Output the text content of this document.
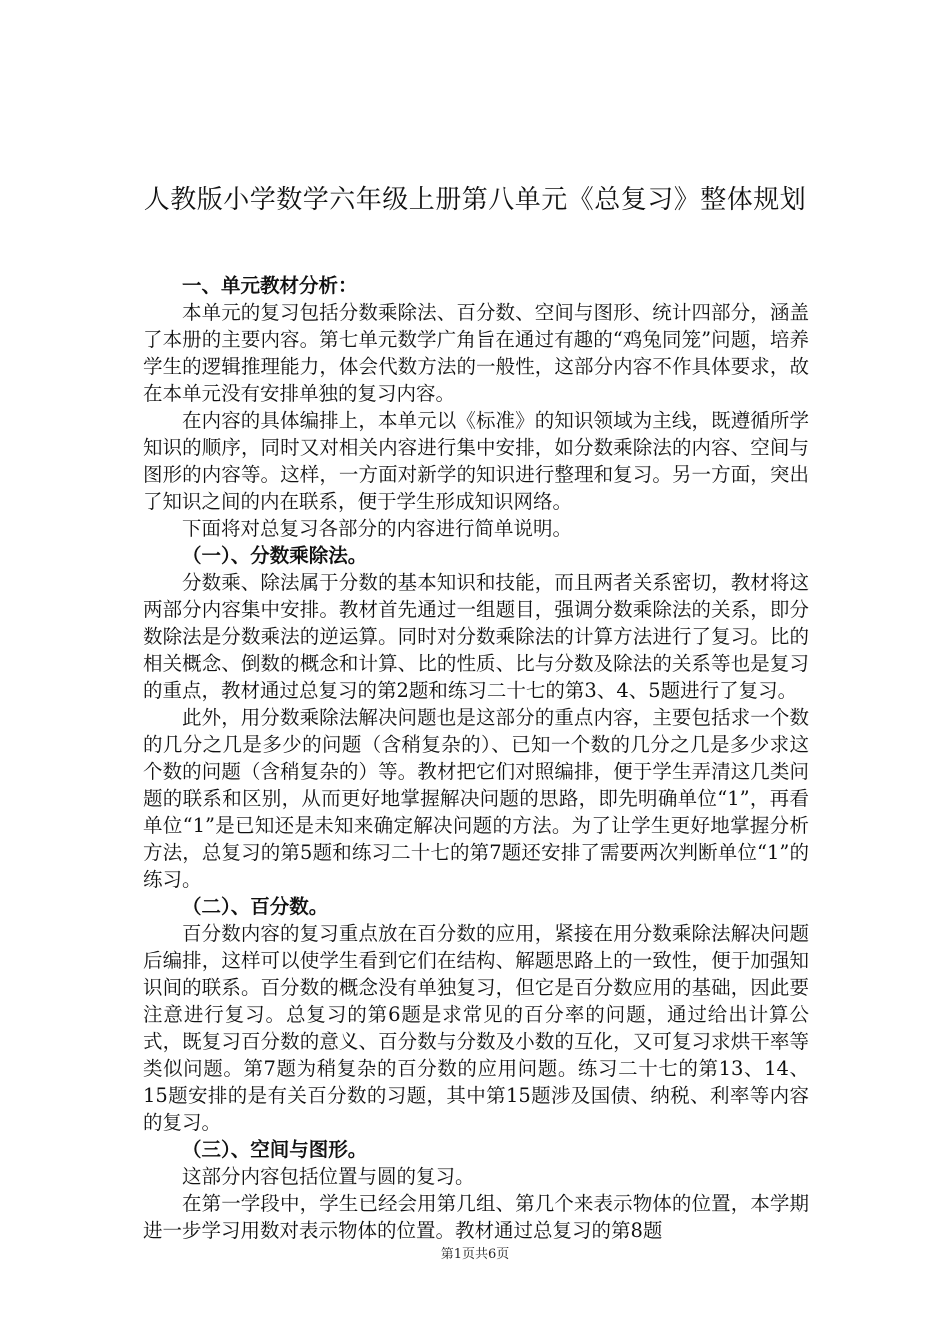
人教版小学数学六年级上册第八单元《总复习》整体规划
一、单元教材分析：

本单元的复习包括分数乘除法、百分数、空间与图形、统计四部分，涵盖了本册的主要内容。第七单元数学广角旨在通过有趣的“鸡兔同笼”问题，培养学生的逻辑推理能力，体会代数方法的一般性，这部分内容不作具体要求，故在本单元没有安排单独的复习内容。

在内容的具体编排上，本单元以《标准》的知识领域为主线，既遵循所学知识的顺序，同时又对相关内容进行集中安排，如分数乘除法的内容、空间与图形的内容等。这样，一方面对新学的知识进行整理和复习。另一方面，突出了知识之间的内在联系，便于学生形成知识网络。

下面将对总复习各部分的内容进行简单说明。

（一）、分数乘除法。

分数乘、除法属于分数的基本知识和技能，而且两者关系密切，教材将这两部分内容集中安排。教材首先通过一组题目，强调分数乘除法的关系，即分数除法是分数乘法的逆运算。同时对分数乘除法的计算方法进行了复习。比的相关概念、倒数的概念和计算、比的性质、比与分数及除法的关系等也是复习的重点，教材通过总复习的第2题和练习二十七的第3、4、5题进行了复习。

此外，用分数乘除法解决问题也是这部分的重点内容，主要包括求一个数的几分之几是多少的问题（含稍复杂的）、已知一个数的几分之几是多少求这个数的问题（含稍复杂的）等。教材把它们对照编排，便于学生弄清这几类问题的联系和区别，从而更好地掌握解决问题的思路，即先明确单位“1”，再看单位“1”是已知还是未知来确定解决问题的方法。为了让学生更好地掌握分析方法，总复习的第5题和练习二十七的第7题还安排了需要两次判断单位“1”的练习。

（二）、百分数。

百分数内容的复习重点放在百分数的应用，紧接在用分数乘除法解决问题后编排，这样可以使学生看到它们在结构、解题思路上的一致性，便于加强知识间的联系。百分数的概念没有单独复习，但它是百分数应用的基础，因此要注意进行复习。总复习的第6题是求常见的百分率的问题，通过给出计算公式，既复习百分数的意义、百分数与分数及小数的互化，又可复习求烘干率等类似问题。第7题为稍复杂的百分数的应用问题。练习二十七的第13、14、15题安排的是有关百分数的习题，其中第15题涉及国债、纳税、利率等内容的复习。

（三）、空间与图形。

这部分内容包括位置与圆的复习。

在第一学段中，学生已经会用第几组、第几个来表示物体的位置，本学期进一步学习用数对表示物体的位置。教材通过总复习的第8题

第1页共6页
